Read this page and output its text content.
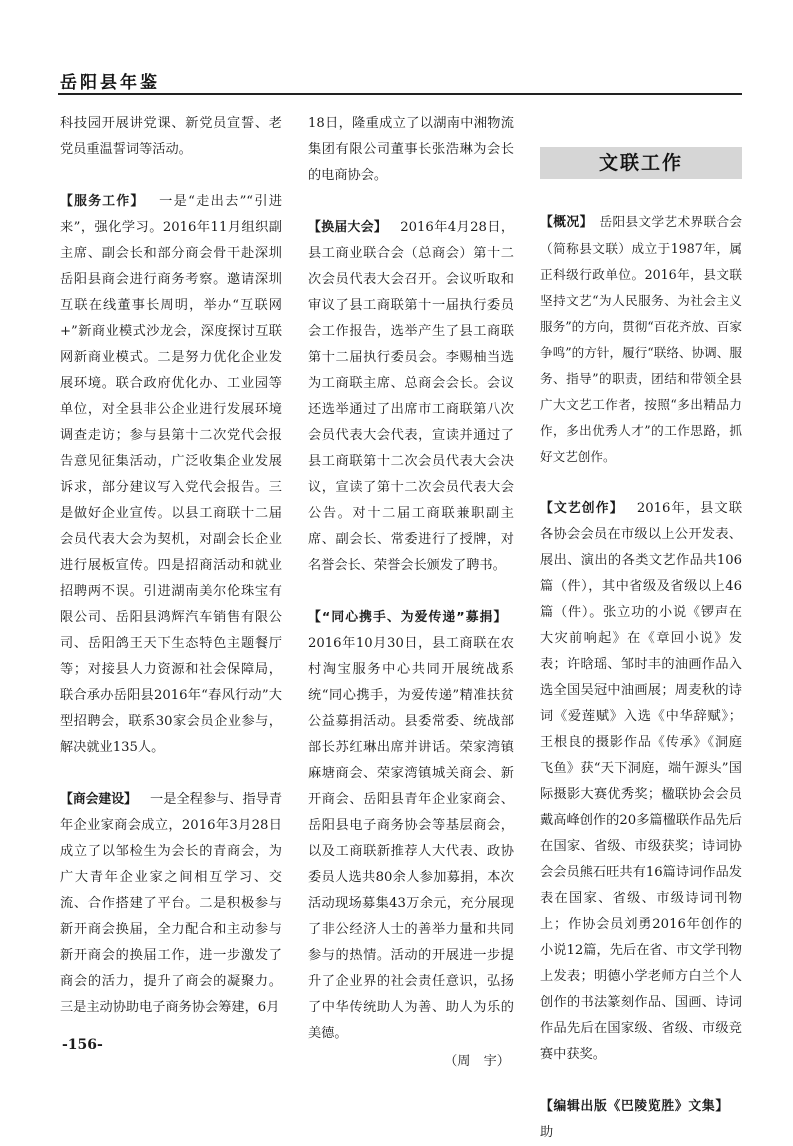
岳阳县年鉴

科技园开展讲党课、新党员宣誓、老党员重温誓词等活动。

【 服务工作 】  一是“走出去”“引进来”，强化学习。2016年11月组织副主席、副会长和部分商会骨干赴深圳岳阳县商会进行商务考察。邀请深圳互联在线董事长周明，举办“互联网+”新商业模式沙龙会，深度探讨互联网新商业模式。二是努力优化企业发展环境。联合政府优化办、工业园等单位，对全县非公企业进行发展环境调查走访；参与县第十二次党代会报告意见征集活动，广泛收集企业发展诉求，部分建议写入党代会报告。三是做好企业宣传。以县工商联十二届会员代表大会为契机，对副会长企业进行展板宣传。四是招商活动和就业招聘两不误。引进湖南美尔伦珠宝有限公司、岳阳县鸿辉汽车销售有限公司、岳阳鸽王天下生态特色主题餐厅等；对接县人力资源和社会保障局，联合承办岳阳县2016年“春风行动”大型招聘会，联系30家会员企业参与，解决就业135人。

【 商会建设 】  一是全程参与、指导青年企业家商会成立，2016年3月28日成立了以邹检生为会长的青商会，为广大青年企业家之间相互学习、交流、合作搭建了平台。二是积极参与新开商会换届，全力配合和主动参与新开商会的换届工作，进一步激发了商会的活力，提升了商会的凝聚力。三是主动协助电子商务协会筹建，6月

18日，隆重成立了以湖南中湘物流集团有限公司董事长张浩琳为会长的电商协会。

【 换届大会 】  2016年4月28日，县工商业联合会（总商会）第十二次会员代表大会召开。会议听取和审议了县工商联第十一届执行委员会工作报告，选举产生了县工商联第十二届执行委员会。李赐柚当选为工商联主席、总商会会长。会议还选举通过了出席市工商联第八次会员代表大会代表，宣读并通过了县工商联第十二次会员代表大会决议，宣读了第十二次会员代表大会公告。对十二届工商联兼职副主席、副会长、常委进行了授牌，对名誉会长、荣誉会长颁发了聘书。

【 “同心携手、为爱传递”募捐 】 2016年10月30日，县工商联在农村淘宝服务中心共同开展统战系统“同心携手，为爱传递”精准扶贫公益募捐活动。县委常委、统战部部长苏红琳出席并讲话。荣家湾镇麻塘商会、荣家湾镇城关商会、新开商会、岳阳县青年企业家商会、岳阳县电子商务协会等基层商会，以及工商联新推荐人大代表、政协委员人选共80余人参加募捐，本次活动现场募集43万余元，充分展现了非公经济人士的善举力量和共同参与的热情。活动的开展进一步提升了企业界的社会责任意识，弘扬了中华传统助人为善、助人为乐的美德。

（周　宇）

文联工作

【 概况 】  岳阳县文学艺术界联合会（简称县文联）成立于1987年，属正科级行政单位。2016年，县文联坚持文艺“为人民服务、为社会主义服务”的方向，贯彻“百花齐放、百家争鸣”的方针，履行“联络、协调、服务、指导”的职责，团结和带领全县广大文艺工作者，按照“多出精品力作，多出优秀人才”的工作思路，抓好文艺创作。

【 文艺创作 】  2016年，县文联各协会会员在市级以上公开发表、展出、演出的各类文艺作品共106篇（件），其中省级及省级以上46篇（件）。张立功的小说《锣声在大灾前响起》在《章回小说》发表；许晗瑶、邹时丰的油画作品入选全国吴冠中油画展；周麦秋的诗词《爱莲赋》入选《中华辞赋》；王根良的摄影作品《传承》《洞庭飞鱼》获“天下洞庭，端午源头”国际摄影大赛优秀奖；楹联协会会员戴高峰创作的20多篇楹联作品先后在国家、省级、市级获奖；诗词协会会员熊石旺共有16篇诗词作品发表在国家、省级、市级诗词刊物上；作协会员刘勇2016年创作的小说12篇，先后在省、市文学刊物上发表；明德小学老师方白兰个人创作的书法篆刻作品、国画、诗词作品先后在国家级、省级、市级竞赛中获奖。

【 编辑出版《巴陵览胜》文集 】 助

-156-
